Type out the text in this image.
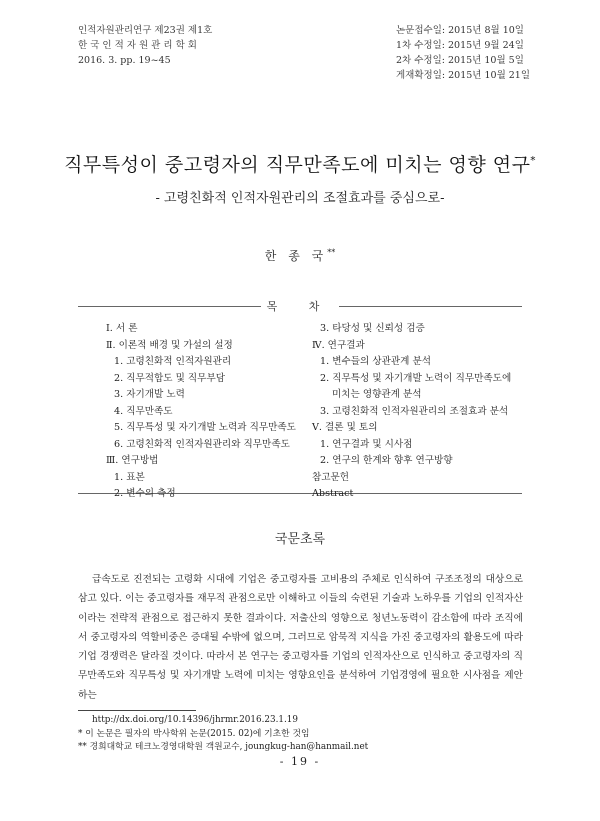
인적자원관리연구 제23권 제1호
한 국 인 적 자 원 관 리 학 회
2016. 3. pp. 19~45
논문접수일: 2015년 8월 10일
1차 수정일: 2015년 9월 24일
2차 수정일: 2015년 10월 5일
게재확정일: 2015년 10월 21일
직무특성이 중고령자의 직무만족도에 미치는 영향 연구*
- 고령친화적 인적자원관리의 조절효과를 중심으로-
한 종 국**
목 차
Ⅰ. 서 론
Ⅱ. 이론적 배경 및 가설의 설정
1. 고령친화적 인적자원관리
2. 직무적합도 및 직무부담
3. 자기개발 노력
4. 직무만족도
5. 직무특성 및 자기개발 노력과 직무만족도
6. 고령친화적 인적자원관리와 직무만족도
Ⅲ. 연구방법
1. 표본
2. 변수의 측정
3. 타당성 및 신뢰성 검증
Ⅳ. 연구결과
1. 변수들의 상관관계 분석
2. 직무특성 및 자기개발 노력이 직무만족도에
미치는 영향관계 분석
3. 고령친화적 인적자원관리의 조절효과 분석
Ⅴ. 결론 및 토의
1. 연구결과 및 시사점
2. 연구의 한계와 향후 연구방향
참고문헌
Abstract
국문초록

급속도로 진전되는 고령화 시대에 기업은 중고령자를 고비용의 주체로 인식하여 구조조정의 대상으로 삼고 있다. 이는 중고령자를 재무적 관점으로만 이해하고 이들의 숙련된 기술과 노하우를 기업의 인적자산이라는 전략적 관점으로 접근하지 못한 결과이다. 저출산의 영향으로 청년노동력이 감소함에 따라 조직에서 중고령자의 역할비중은 증대될 수밖에 없으며, 그러므로 암묵적 지식을 가진 중고령자의 활용도에 따라 기업 경쟁력은 달라질 것이다. 따라서 본 연구는 중고령자를 기업의 인적자산으로 인식하고 중고령자의 직무만족도와 직무특성 및 자기개발 노력에 미치는 영향요인을 분석하여 기업경영에 필요한 시사점을 제안하는

http://dx.doi.org/10.14396/jhrmr.2016.23.1.19
* 이 논문은 필자의 박사학위 논문(2015. 02)에 기초한 것임
** 경희대학교 테크노경영대학원 객원교수, joungkug-han@hanmail.net
- 19 -
